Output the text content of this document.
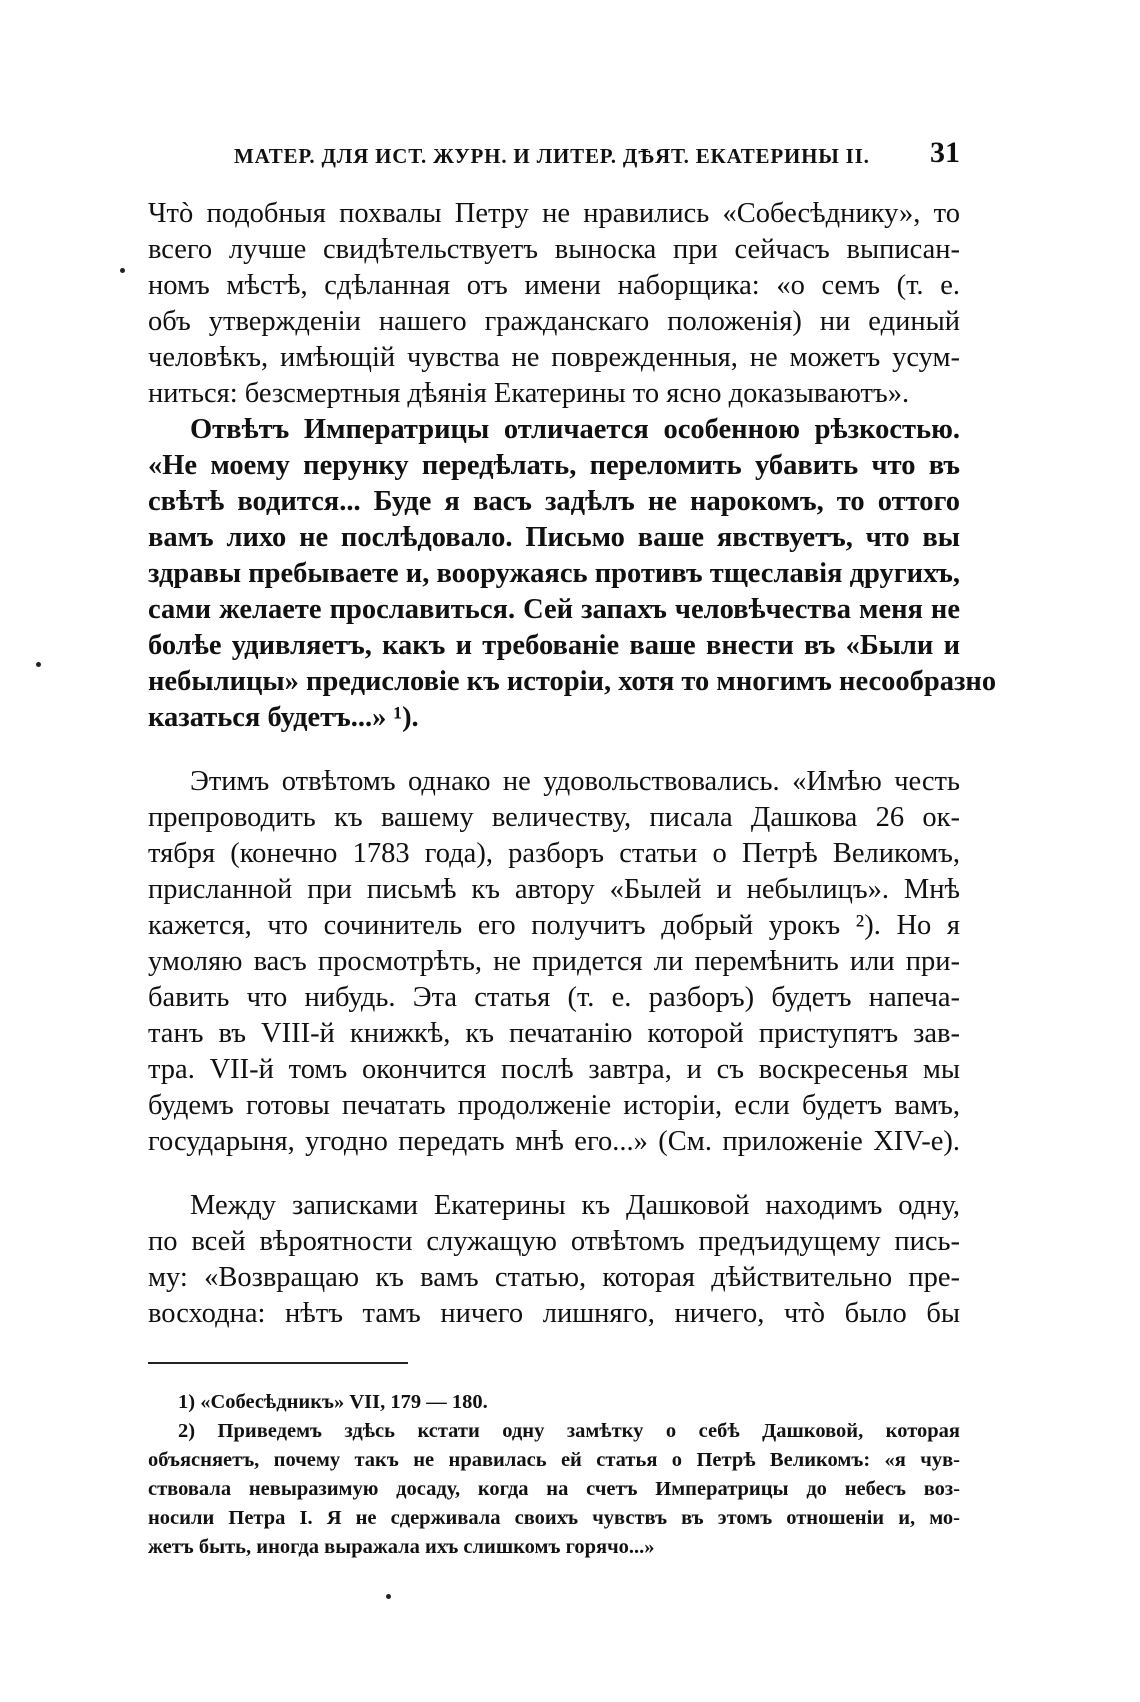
МАТЕР. ДЛЯ ИСТ. ЖУРН. И ЛИТЕР. ДѢЯТ. ЕКАТЕРИНЫ II. 31

Чтò подобныя похвалы Петру не нравились «Собесѣднику», то
всего лучше свидѣтельствуетъ выноска при сейчасъ выписан-
номъ мѣстѣ, сдѣланная отъ имени наборщика: «о семъ (т. е.
объ утвержденіи нашего гражданскаго положенія) ни единый
человѣкъ, имѣющій чувства не поврежденныя, не можетъ усум-
ниться: безсмертныя дѣянія Екатерины то ясно доказываютъ».

Отвѣтъ Императрицы отличается особенною рѣзкостью.
«Не моему перунку передѣлать, переломить убавить что въ
свѣтѣ водится... Буде я васъ задѣлъ не нарокомъ, то оттого
вамъ лихо не послѣдовало. Письмо ваше явствуетъ, что вы
здравы пребываете и, вооружаясь противъ тщеславія другихъ,
сами желаете прославиться. Сей запахъ человѣчества меня не
болѣе удивляетъ, какъ и требованіе ваше внести въ «Были и
небылицы» предисловіе къ исторіи, хотя то многимъ несообразно
казаться будетъ...» ¹).

Этимъ отвѣтомъ однако не удовольствовались. «Имѣю честь
препроводить къ вашему величеству, писала Дашкова 26 ок-
тября (конечно 1783 года), разборъ статьи о Петрѣ Великомъ,
присланной при письмѣ къ автору «Былей и небылицъ». Мнѣ
кажется, что сочинитель его получитъ добрый урокъ ²). Но я
умоляю васъ просмотрѣть, не придется ли перемѣнить или при-
бавить что нибудь. Эта статья (т. е. разборъ) будетъ напеча-
танъ въ VIII-й книжкѣ, къ печатанію которой приступятъ зав-
тра. VII-й томъ окончится послѣ завтра, и съ воскресенья мы
будемъ готовы печатать продолженіе исторіи, если будетъ вамъ,
государыня, угодно передать мнѣ его...» (См. приложеніе XIV-е).

Между записками Екатерины къ Дашковой находимъ одну,
по всей вѣроятности служащую отвѣтомъ предъидущему пись-
му: «Возвращаю къ вамъ статью, которая дѣйствительно пре-
восходна: нѣтъ тамъ ничего лишняго, ничего, чтò было бы

1) «Собесѣдникъ» VII, 179 — 180.
2) Приведемъ здѣсь кстати одну замѣтку о себѣ Дашковой, которая
объясняетъ, почему такъ не нравилась ей статья о Петрѣ Великомъ: «я чув-
ствовала невыразимую досаду, когда на счетъ Императрицы до небесъ воз-
носили Петра I. Я не сдерживала своихъ чувствъ въ этомъ отношеніи и, мо-
жетъ быть, иногда выражала ихъ слишкомъ горячо...»
